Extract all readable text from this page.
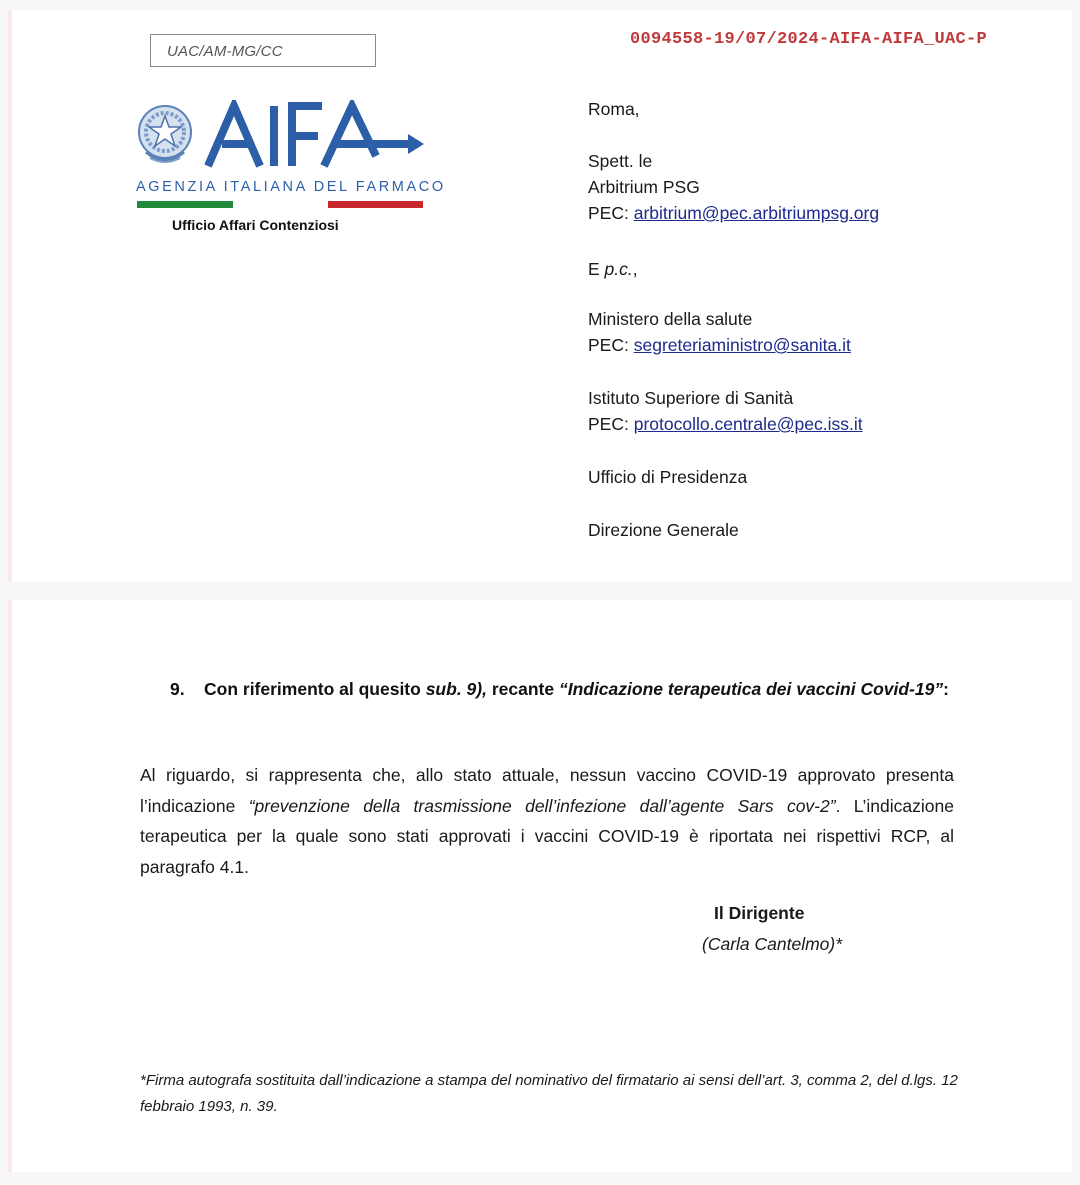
UAC/AM-MG/CC
0094558-19/07/2024-AIFA-AIFA_UAC-P
AGENZIA ITALIANA DEL FARMACO
Ufficio Affari Contenziosi
Roma,
Spett. le
Arbitrium PSG
PEC: arbitrium@pec.arbitriumpsg.org
E p.c.,
Ministero della salute
PEC: segreteriaministro@sanita.it
Istituto Superiore di Sanità
PEC: protocollo.centrale@pec.iss.it
Ufficio di Presidenza
Direzione Generale
9.	Con riferimento al quesito sub. 9), recante “Indicazione terapeutica dei vaccini Covid-19”:
Al riguardo, si rappresenta che, allo stato attuale, nessun vaccino COVID-19 approvato presenta l’indicazione “prevenzione della trasmissione dell’infezione dall’agente Sars cov-2”. L’indicazione terapeutica per la quale sono stati approvati i vaccini COVID-19 è riportata nei rispettivi RCP, al paragrafo 4.1.
Il Dirigente
(Carla Cantelmo)*
*Firma autografa sostituita dall’indicazione a stampa del nominativo del firmatario ai sensi dell’art. 3, comma 2, del d.lgs. 12 febbraio 1993, n. 39.
